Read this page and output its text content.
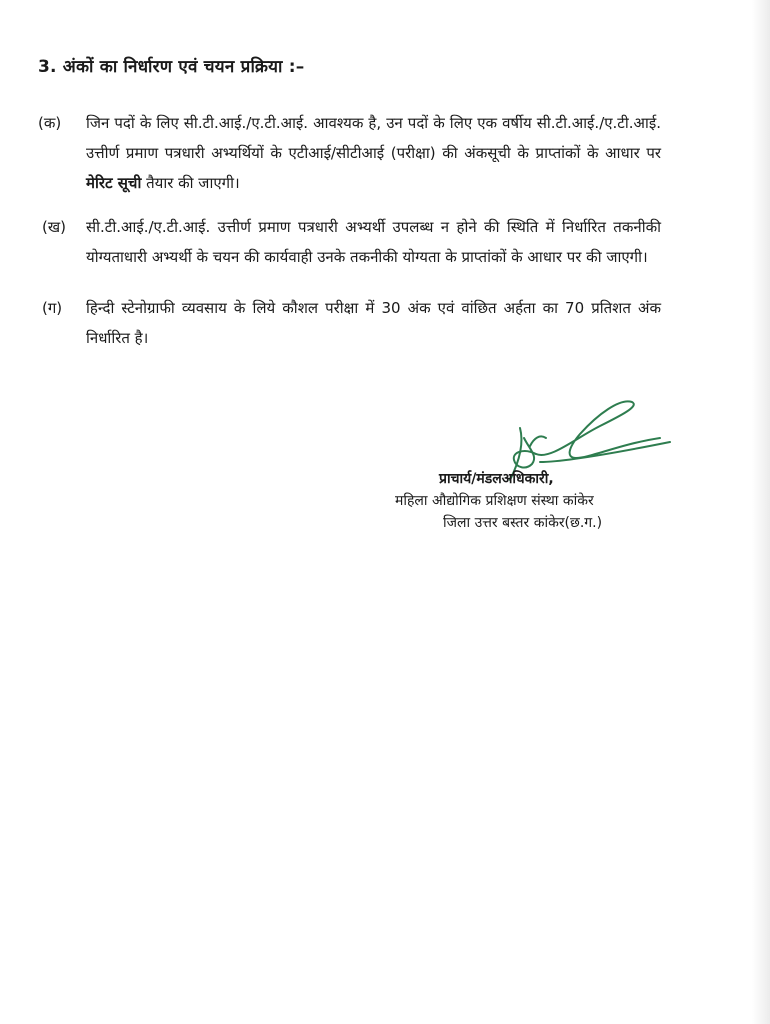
3. अंकों का निर्धारण एवं चयन प्रक्रिया :–
(क) जिन पदों के लिए सी.टी.आई./ए.टी.आई. आवश्यक है, उन पदों के लिए एक वर्षीय सी.टी.आई./ए.टी.आई. उत्तीर्ण प्रमाण पत्रधारी अभ्यर्थियों के एटीआई/सीटीआई (परीक्षा) की अंकसूची के प्राप्तांकों के आधार पर मेरिट सूची तैयार की जाएगी।
(ख) सी.टी.आई./ए.टी.आई. उत्तीर्ण प्रमाण पत्रधारी अभ्यर्थी उपलब्ध न होने की स्थिति में निर्धारित तकनीकी योग्यताधारी अभ्यर्थी के चयन की कार्यवाही उनके तकनीकी योग्यता के प्राप्तांकों के आधार पर की जाएगी।
(ग) हिन्दी स्टेनोग्राफी व्यवसाय के लिये कौशल परीक्षा में 30 अंक एवं वांछित अर्हता का 70 प्रतिशत अंक निर्धारित है।
प्राचार्य/मंडलअधिकारी,
महिला औद्योगिक प्रशिक्षण संस्था कांकेर
जिला उत्तर बस्तर कांकेर(छ.ग.)
